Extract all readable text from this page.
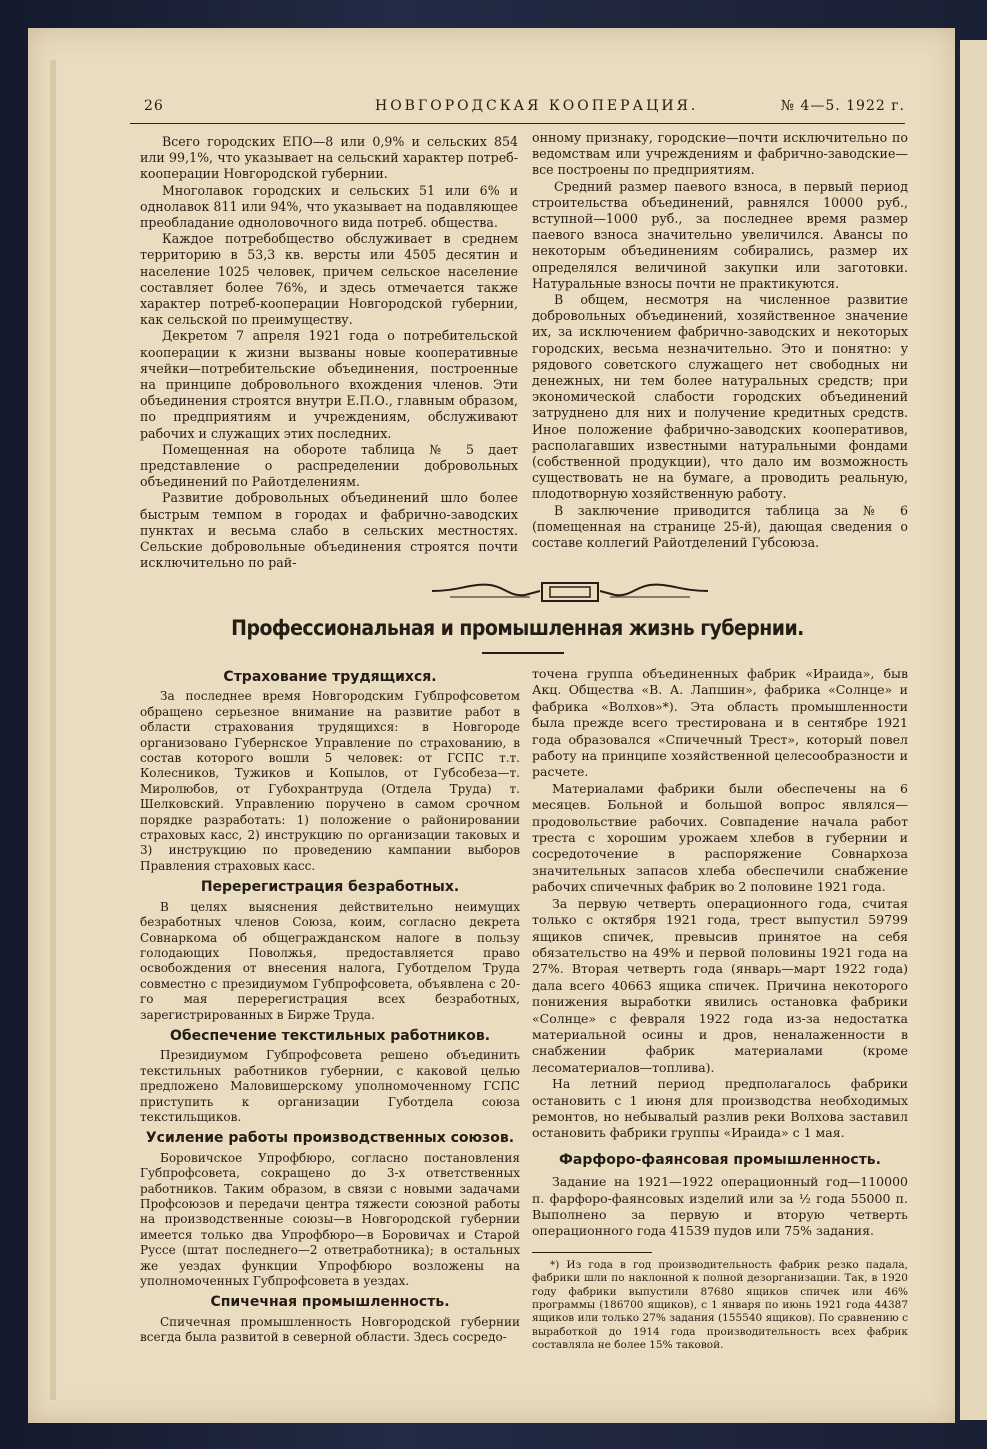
26	НОВГОРОДСКАЯ КООПЕРАЦИЯ.	№ 4—5. 1922 г.

Всего городских ЕПО—8 или 0,9% и сельских 854 или 99,1%, что указывает на сельский характер потреб-кооперации Новгородской губернии.

Многолавок городских и сельских 51 или 6% и однолавок 811 или 94%, что указывает на подавляющее преобладание одноловочного вида потреб. общества.

Каждое потребобщество обслуживает в среднем территорию в 53,3 кв. версты или 4505 десятин и население 1025 человек, причем сельское население составляет более 76%, и здесь отмечается также характер потреб-кооперации Новгородской губернии, как сельской по преимуществу.

Декретом 7 апреля 1921 года о потребительской кооперации к жизни вызваны новые кооперативные ячейки—потребительские объединения, построенные на принципе добровольного вхождения членов. Эти объединения строятся внутри Е.П.О., главным образом, по предприятиям и учреждениям, обслуживают рабочих и служащих этих последних.

Помещенная на обороте таблица № 5 дает представление о распределении добровольных объединений по Райотделениям.

Развитие добровольных объединений шло более быстрым темпом в городах и фабрично-заводских пунктах и весьма слабо в сельских местностях. Сельские добровольные объединения строятся почти исключительно по рай-

онному признаку, городские—почти исключительно по ведомствам или учреждениям и фабрично-заводские—все построены по предприятиям.

Средний размер паевого взноса, в первый период строительства объединений, равнялся 10000 руб., вступной—1000 руб., за последнее время размер паевого взноса значительно увеличился. Авансы по некоторым объединениям собирались, размер их определялся величиной закупки или заготовки. Натуральные взносы почти не практикуются.

В общем, несмотря на численное развитие добровольных объединений, хозяйственное значение их, за исключением фабрично-заводских и некоторых городских, весьма незначительно. Это и понятно: у рядового советского служащего нет свободных ни денежных, ни тем более натуральных средств; при экономической слабости городских объединений затруднено для них и получение кредитных средств. Иное положение фабрично-заводских кооперативов, располагавших известными натуральными фондами (собственной продукции), что дало им возможность существовать не на бумаге, а проводить реальную, плодотворную хозяйственную работу.

В заключение приводится таблица за № 6 (помещенная на странице 25-й), дающая сведения о составе коллегий Райотделений Губсоюза.

Профессиональная и промышленная жизнь губернии.
Страхование трудящихся.

За последнее время Новгородским Губпрофсоветом обращено серьезное внимание на развитие работ в области страхования трудящихся: в Новгороде организовано Губернское Управление по страхованию, в состав которого вошли 5 человек: от ГСПС т.т. Колесников, Тужиков и Копылов, от Губсобеза—т. Миролюбов, от Губохрантруда (Отдела Труда) т. Шелковский. Управлению поручено в самом срочном порядке разработать: 1) положение о районировании страховых касс, 2) инструкцию по организации таковых и 3) инструкцию по проведению кампании выборов Правления страховых касс.

Перерегистрация безработных.

В целях выяснения действительно неимущих безработных членов Союза, коим, согласно декрета Совнаркома об общегражданском налоге в пользу голодающих Поволжья, предоставляется право освобождения от внесения налога, Губотделом Труда совместно с президиумом Губпрофсовета, объявлена с 20-го мая перерегистрация всех безработных, зарегистрированных в Бирже Труда.

Обеспечение текстильных работников.

Президиумом Губпрофсовета решено объединить текстильных работников губернии, с каковой целью предложено Маловишерскому уполномоченному ГСПС приступить к организации Губотдела союза текстильщиков.

Усиление работы производственных союзов.

Боровичское Упрофбюро, согласно постановления Губпрофсовета, сокращено до 3-х ответственных работников. Таким образом, в связи с новыми задачами Профсоюзов и передачи центра тяжести союзной работы на производственные союзы—в Новгородской губернии имеется только два Упрофбюро—в Боровичах и Старой Руссе (штат последнего—2 ответработника); в остальных же уездах функции Упрофбюро возложены на уполномоченных Губпрофсовета в уездах.

Спичечная промышленность.

Спичечная промышленность Новгородской губернии всегда была развитой в северной области. Здесь сосредо-

точена группа объединенных фабрик «Ираида», быв Акц. Общества «В. А. Лапшин», фабрика «Солнце» и фабрика «Волхов»*). Эта область промышленности была прежде всего трестирована и в сентябре 1921 года образовался «Спичечный Трест», который повел работу на принципе хозяйственной целесообразности и расчете.

Материалами фабрики были обеспечены на 6 месяцев. Больной и большой вопрос являлся—продовольствие рабочих. Совпадение начала работ треста с хорошим урожаем хлебов в губернии и сосредоточение в распоряжение Совнархоза значительных запасов хлеба обеспечили снабжение рабочих спичечных фабрик во 2 половине 1921 года.

За первую четверть операционного года, считая только с октября 1921 года, трест выпустил 59799 ящиков спичек, превысив принятое на себя обязательство на 49% и первой половины 1921 года на 27%. Вторая четверть года (январь—март 1922 года) дала всего 40663 ящика спичек. Причина некоторого понижения выработки явились остановка фабрики «Солнце» с февраля 1922 года из-за недостатка материальной осины и дров, неналаженности в снабжении фабрик материалами (кроме лесоматериалов—топлива).

На летний период предполагалось фабрики остановить с 1 июня для производства необходимых ремонтов, но небывалый разлив реки Волхова заставил остановить фабрики группы «Ираида» с 1 мая.

Фарфоро-фаянсовая промышленность.

Задание на 1921—1922 операционный год—110000 п. фарфоро-фаянсовых изделий или за ½ года 55000 п. Выполнено за первую и вторую четверть операционного года 41539 пудов или 75% задания.

*) Из года в год производительность фабрик резко падала, фабрики шли по наклонной к полной дезорганизации. Так, в 1920 году фабрики выпустили 87680 ящиков спичек или 46% программы (186700 ящиков), с 1 января по июнь 1921 года 44387 ящиков или только 27% задания (155540 ящиков). По сравнению с выработкой до 1914 года производительность всех фабрик составляла не более 15% таковой.
